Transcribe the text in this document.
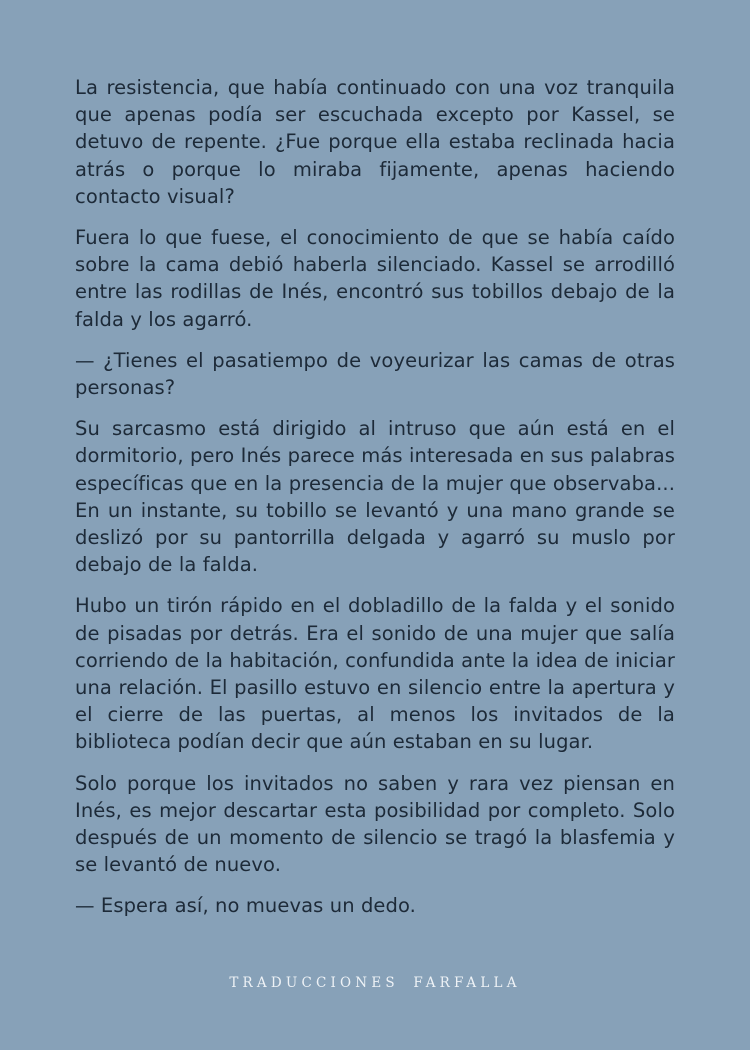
La resistencia, que había continuado con una voz tranquila que apenas podía ser escuchada excepto por Kassel, se detuvo de repente. ¿Fue porque ella estaba reclinada hacia atrás o porque lo miraba fijamente, apenas haciendo contacto visual?

Fuera lo que fuese, el conocimiento de que se había caído sobre la cama debió haberla silenciado. Kassel se arrodilló entre las rodillas de Inés, encontró sus tobillos debajo de la falda y los agarró.

— ¿Tienes el pasatiempo de voyeurizar las camas de otras personas?

Su sarcasmo está dirigido al intruso que aún está en el dormitorio, pero Inés parece más interesada en sus palabras específicas que en la presencia de la mujer que observaba... En un instante, su tobillo se levantó y una mano grande se deslizó por su pantorrilla delgada y agarró su muslo por debajo de la falda.

Hubo un tirón rápido en el dobladillo de la falda y el sonido de pisadas por detrás. Era el sonido de una mujer que salía corriendo de la habitación, confundida ante la idea de iniciar una relación. El pasillo estuvo en silencio entre la apertura y el cierre de las puertas, al menos los invitados de la biblioteca podían decir que aún estaban en su lugar.

Solo porque los invitados no saben y rara vez piensan en Inés, es mejor descartar esta posibilidad por completo. Solo después de un momento de silencio se tragó la blasfemia y se levantó de nuevo.

— Espera así, no muevas un dedo.

TRADUCCIONES FARFALLA
